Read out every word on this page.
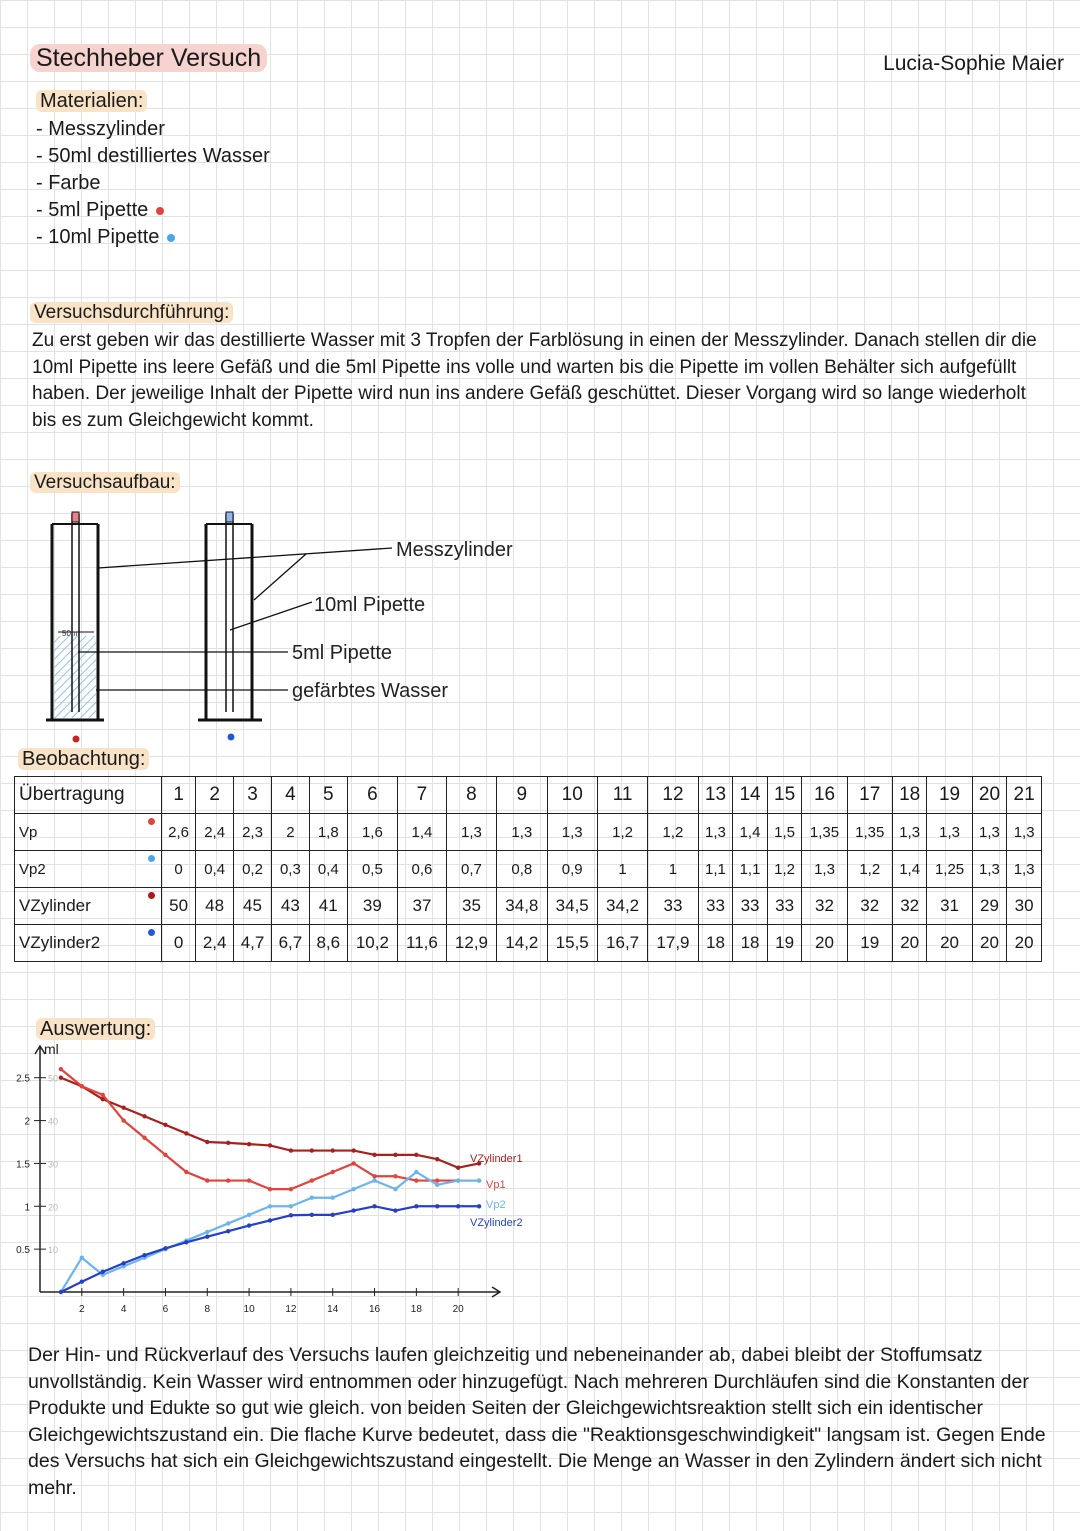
Stechheber Versuch	Lucia-Sophie Maier
Materialien:
- Messzylinder
- 50ml destilliertes Wasser
- Farbe
- 5ml Pipette
- 10ml Pipette
Versuchsdurchführung:
Zu erst geben wir das destillierte Wasser mit 3 Tropfen der Farblösung in einen der Messzylinder. Danach stellen dir die 10ml Pipette ins leere Gefäß und die 5ml Pipette ins volle und warten bis die Pipette im vollen Behälter sich aufgefüllt haben. Der jeweilige Inhalt der Pipette wird nun ins andere Gefäß geschüttet. Dieser Vorgang wird so lange wiederholt bis es zum Gleichgewicht kommt.
Versuchsaufbau:
50ml
Messzylinder
10ml Pipette
5ml Pipette
gefärbtes Wasser
Beobachtung:
Übertragung	1	2	3	4	5	6	7	8	9	10	11	12	13	14	15	16	17	18	19	20	21
Vp	2,6	2,4	2,3	2	1,8	1,6	1,4	1,3	1,3	1,3	1,2	1,2	1,3	1,4	1,5	1,35	1,35	1,3	1,3	1,3	1,3
Vp2	0	0,4	0,2	0,3	0,4	0,5	0,6	0,7	0,8	0,9	1	1	1,1	1,1	1,2	1,3	1,2	1,4	1,25	1,3	1,3
VZylinder	50	48	45	43	41	39	37	35	34,8	34,5	34,2	33	33	33	33	32	32	32	31	29	30
VZylinder2	0	2,4	4,7	6,7	8,6	10,2	11,6	12,9	14,2	15,5	16,7	17,9	18	18	19	20	19	20	20	20	20
Auswertung:
ml
2	4	6	8	10	12	14	16	18	20
0.5 10
1 20
1.5 30
2 40
2.5 50
VZylinder1
Vp1
Vp2
VZylinder2
Der Hin- und Rückverlauf des Versuchs laufen gleichzeitig und nebeneinander ab, dabei bleibt der Stoffumsatz unvollständig. Kein Wasser wird entnommen oder hinzugefügt. Nach mehreren Durchläufen sind die Konstanten der Produkte und Edukte so gut wie gleich. von beiden Seiten der Gleichgewichtsreaktion stellt sich ein identischer Gleichgewichtszustand ein. Die flache Kurve bedeutet, dass die "Reaktionsgeschwindigkeit" langsam ist. Gegen Ende des Versuchs hat sich ein Gleichgewichtszustand eingestellt. Die Menge an Wasser in den Zylindern ändert sich nicht mehr.
